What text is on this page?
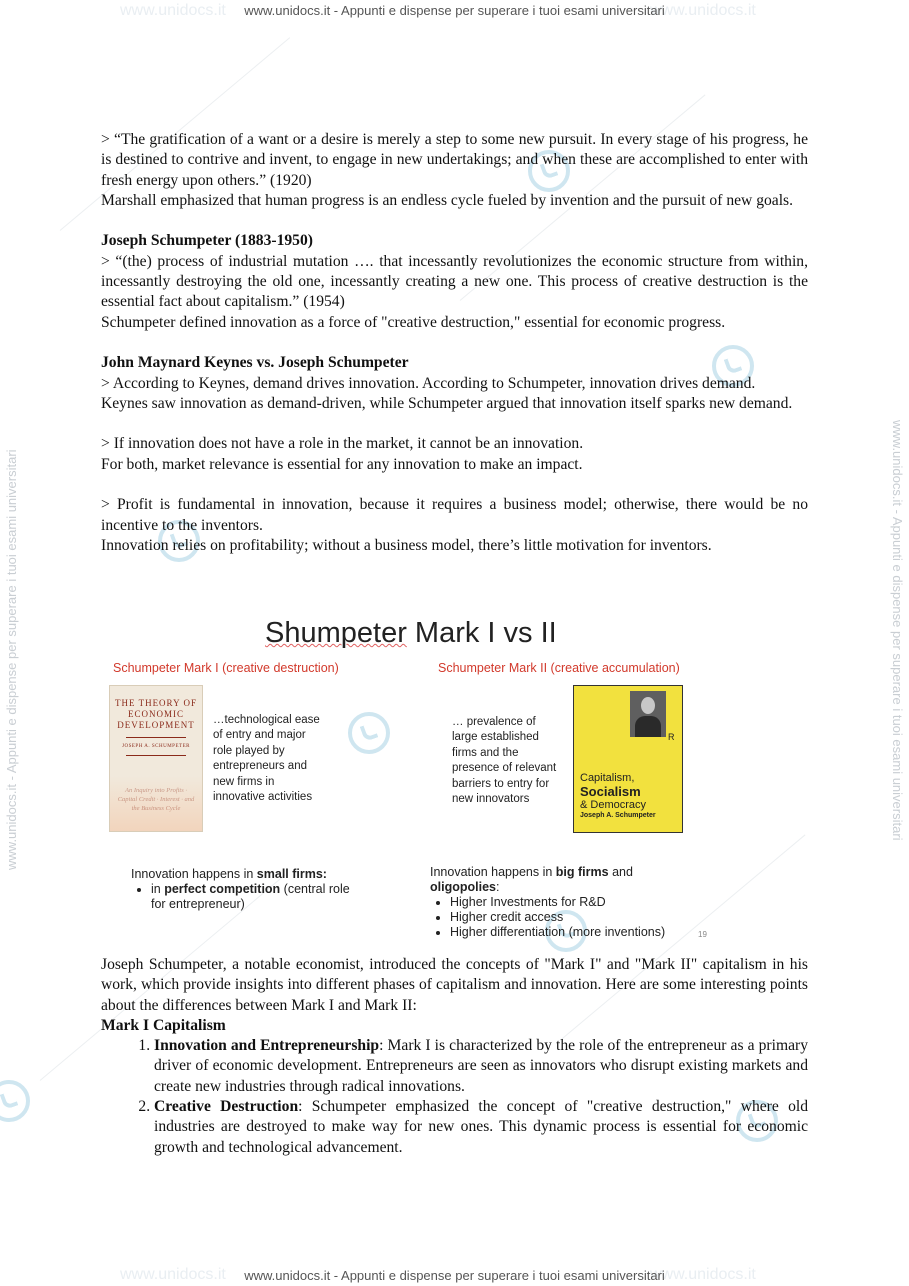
www.unidocs.it	www.unidocs.it
www.unidocs.it - Appunti e dispense per superare i tuoi esami universitari
www.unidocs.it	www.unidocs.it
www.unidocs.it - Appunti e dispense per superare i tuoi esami universitari
www.unidocs.it - Appunti e dispense per superare i tuoi esami universitari	www.unidocs.it - Appunti e dispense per superare i tuoi esami universitari

> “The gratification of a want or a desire is merely a step to some new pursuit. In every stage of his progress, he is destined to contrive and invent, to engage in new undertakings; and when these are accomplished to enter with fresh energy upon others.” (1920)

Marshall emphasized that human progress is an endless cycle fueled by invention and the pursuit of new goals.

Joseph Schumpeter (1883-1950)

> “(the) process of industrial mutation …. that incessantly revolutionizes the economic structure from within, incessantly destroying the old one, incessantly creating a new one. This process of creative destruction is the essential fact about capitalism.” (1954)

Schumpeter defined innovation as a force of "creative destruction," essential for economic progress.

John Maynard Keynes vs. Joseph Schumpeter

> According to Keynes, demand drives innovation. According to Schumpeter, innovation drives demand.

Keynes saw innovation as demand-driven, while Schumpeter argued that innovation itself sparks new demand.

> If innovation does not have a role in the market, it cannot be an innovation.

For both, market relevance is essential for any innovation to make an impact.

> Profit is fundamental in innovation, because it requires a business model; otherwise, there would be no incentive to the inventors.

Innovation relies on profitability; without a business model, there’s little motivation for inventors.

Shumpeter Mark I vs II
Schumpeter Mark I (creative destruction)	Schumpeter Mark II (creative accumulation)
THE THEORY OF ECONOMIC DEVELOPMENT
JOSEPH A. SCHUMPETER
…technological ease of entry and major role played by entrepreneurs and new firms in innovative activities
… prevalence of large established firms and the presence of relevant barriers to entry for new innovators
R
Capitalism,
Socialism
& Democracy
Joseph A. Schumpeter
Innovation happens in small firms:
• in perfect competition (central role for entrepreneur)
Innovation happens in big firms and
oligopolies:
• Higher Investments for R&D
• Higher credit access
• Higher differentiation (more inventions)	19

Joseph Schumpeter, a notable economist, introduced the concepts of "Mark I" and "Mark II" capitalism in his work, which provide insights into different phases of capitalism and innovation. Here are some interesting points about the differences between Mark I and Mark II:

Mark I Capitalism

1. Innovation and Entrepreneurship: Mark I is characterized by the role of the entrepreneur as a primary driver of economic development. Entrepreneurs are seen as innovators who disrupt existing markets and create new industries through radical innovations.
2. Creative Destruction: Schumpeter emphasized the concept of "creative destruction," where old industries are destroyed to make way for new ones. This dynamic process is essential for economic growth and technological advancement.
